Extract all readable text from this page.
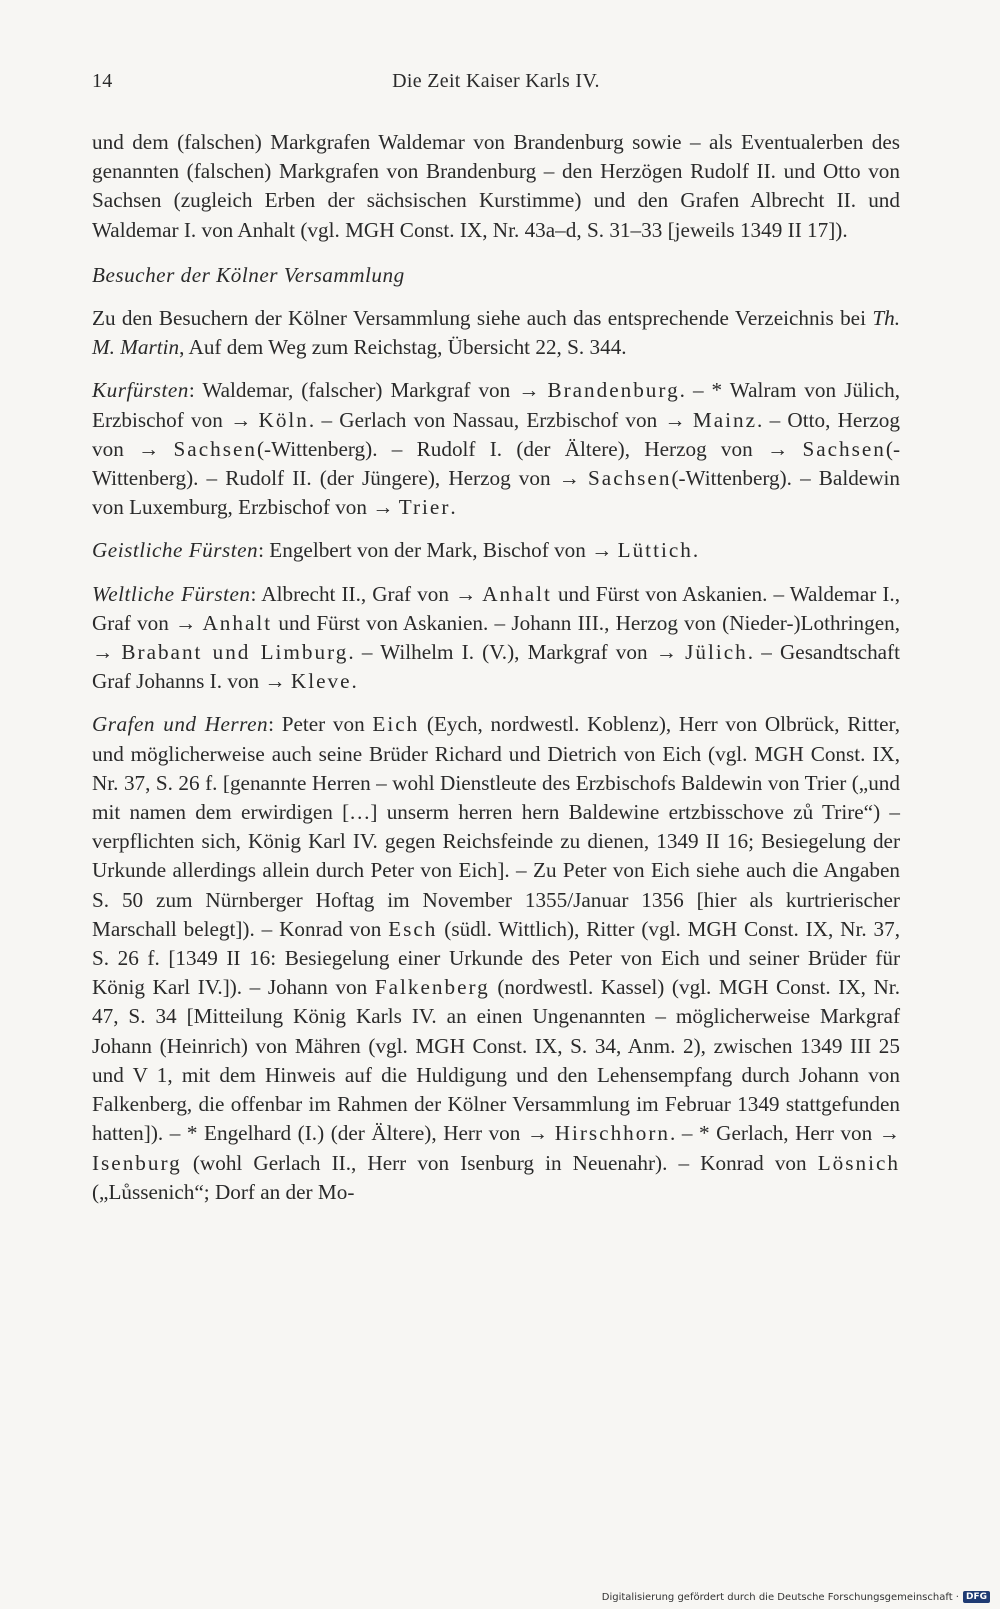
14	Die Zeit Kaiser Karls IV.

und dem (falschen) Markgrafen Waldemar von Brandenburg sowie – als Eventualerben des genannten (falschen) Markgrafen von Brandenburg – den Herzögen Rudolf II. und Otto von Sachsen (zugleich Erben der sächsischen Kurstimme) und den Grafen Albrecht II. und Waldemar I. von Anhalt (vgl. MGH Const. IX, Nr. 43a–d, S. 31–33 [jeweils 1349 II 17]).

Besucher der Kölner Versammlung

Zu den Besuchern der Kölner Versammlung siehe auch das entsprechende Verzeichnis bei Th. M. Martin, Auf dem Weg zum Reichstag, Übersicht 22, S. 344.

Kurfürsten: Waldemar, (falscher) Markgraf von → Brandenburg. – * Walram von Jülich, Erzbischof von → Köln. – Gerlach von Nassau, Erzbischof von → Mainz. – Otto, Herzog von → Sachsen(-Wittenberg). – Rudolf I. (der Ältere), Herzog von → Sachsen(-Wittenberg). – Rudolf II. (der Jüngere), Herzog von → Sachsen(-Wittenberg). – Baldewin von Luxemburg, Erzbischof von → Trier.

Geistliche Fürsten: Engelbert von der Mark, Bischof von → Lüttich.

Weltliche Fürsten: Albrecht II., Graf von → Anhalt und Fürst von Askanien. – Waldemar I., Graf von → Anhalt und Fürst von Askanien. – Johann III., Herzog von (Nieder-)Lothringen, → Brabant und Limburg. – Wilhelm I. (V.), Markgraf von → Jülich. – Gesandtschaft Graf Johanns I. von → Kleve.

Grafen und Herren: Peter von Eich (Eych, nordwestl. Koblenz), Herr von Olbrück, Ritter, und möglicherweise auch seine Brüder Richard und Dietrich von Eich (vgl. MGH Const. IX, Nr. 37, S. 26 f. [genannte Herren – wohl Dienstleute des Erzbischofs Baldewin von Trier („und mit namen dem erwirdigen […] unserm herren hern Baldewine ertzbisschove zů Trire“) – verpflichten sich, König Karl IV. gegen Reichsfeinde zu dienen, 1349 II 16; Besiegelung der Urkunde allerdings allein durch Peter von Eich]. – Zu Peter von Eich siehe auch die Angaben S. 50 zum Nürnberger Hoftag im November 1355/Januar 1356 [hier als kurtrierischer Marschall belegt]). – Konrad von Esch (südl. Wittlich), Ritter (vgl. MGH Const. IX, Nr. 37, S. 26 f. [1349 II 16: Besiegelung einer Urkunde des Peter von Eich und seiner Brüder für König Karl IV.]). – Johann von Falkenberg (nordwestl. Kassel) (vgl. MGH Const. IX, Nr. 47, S. 34 [Mitteilung König Karls IV. an einen Ungenannten – möglicherweise Markgraf Johann (Heinrich) von Mähren (vgl. MGH Const. IX, S. 34, Anm. 2), zwischen 1349 III 25 und V 1, mit dem Hinweis auf die Huldigung und den Lehensempfang durch Johann von Falkenberg, die offenbar im Rahmen der Kölner Versammlung im Februar 1349 stattgefunden hatten]). – * Engelhard (I.) (der Ältere), Herr von → Hirschhorn. – * Gerlach, Herr von → Isenburg (wohl Gerlach II., Herr von Isenburg in Neuenahr). – Konrad von Lösnich („Lůssenich“; Dorf an der Mo-

Digitalisierung gefördert durch die Deutsche Forschungsgemeinschaft · DFG
